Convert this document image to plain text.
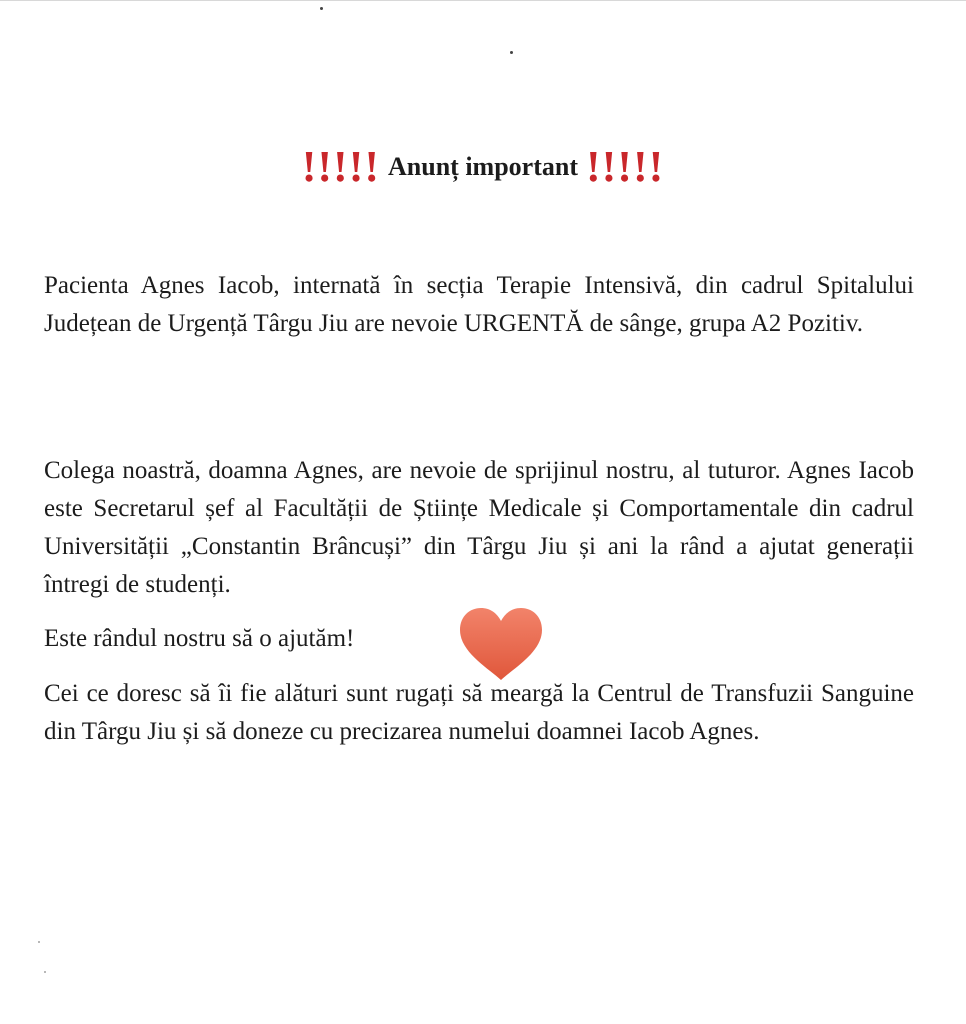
!!!!! Anunț important !!!!!

Pacienta Agnes Iacob, internată în secția Terapie Intensivă, din cadrul Spitalului Județean de Urgență Târgu Jiu are nevoie URGENTĂ de sânge, grupa A2 Pozitiv.

Colega noastră, doamna Agnes, are nevoie de sprijinul nostru, al tuturor. Agnes Iacob este Secretarul șef al Facultății de Științe Medicale și Comportamentale din cadrul Universității „Constantin Brâncuși” din Târgu Jiu și ani la rând a ajutat generații întregi de studenți.

Este rândul nostru să o ajutăm!

Cei ce doresc să îi fie alături sunt rugați să meargă la Centrul de Transfuzii Sanguine din Târgu Jiu și să doneze cu precizarea numelui doamnei Iacob Agnes.
